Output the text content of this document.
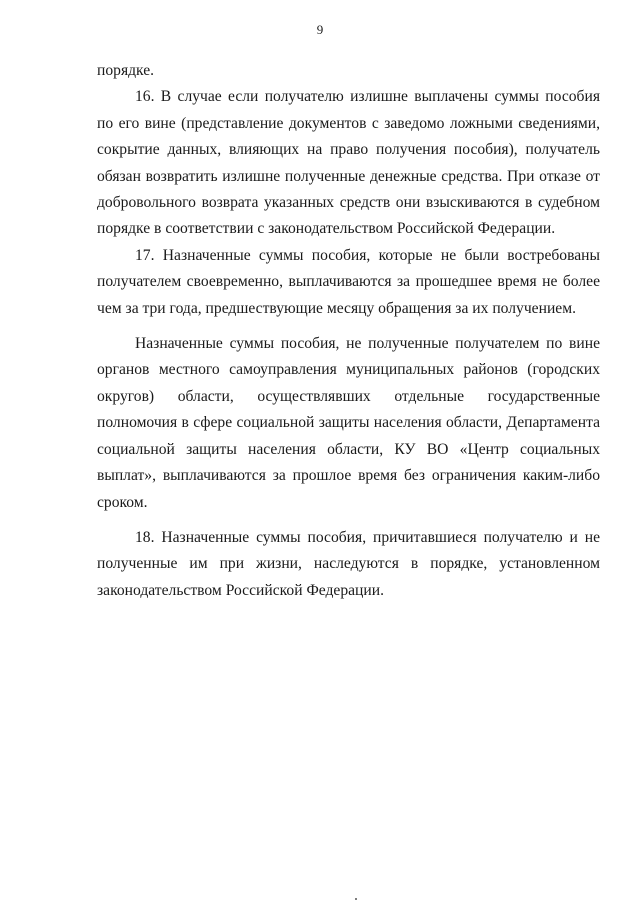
9

порядке.

16. В случае если получателю излишне выплачены суммы пособия по его вине (представление документов с заведомо ложными сведениями, сокрытие данных, влияющих на право получения пособия), получатель обязан возвратить излишне полученные денежные средства. При отказе от добровольного возврата указанных средств они взыскиваются в судебном порядке в соответствии с законодательством Российской Федерации.

17. Назначенные суммы пособия, которые не были востребованы получателем своевременно, выплачиваются за прошедшее время не более чем за три года, предшествующие месяцу обращения за их получением.

Назначенные суммы пособия, не полученные получателем по вине органов местного самоуправления муниципальных районов (городских округов) области, осуществлявших отдельные государственные полномочия в сфере социальной защиты населения области, Департамента социальной защиты населения области, КУ ВО «Центр социальных выплат», выплачиваются за прошлое время без ограничения каким-либо сроком.

18. Назначенные суммы пособия, причитавшиеся получателю и не полученные им при жизни, наследуются в порядке, установленном законодательством Российской Федерации.
